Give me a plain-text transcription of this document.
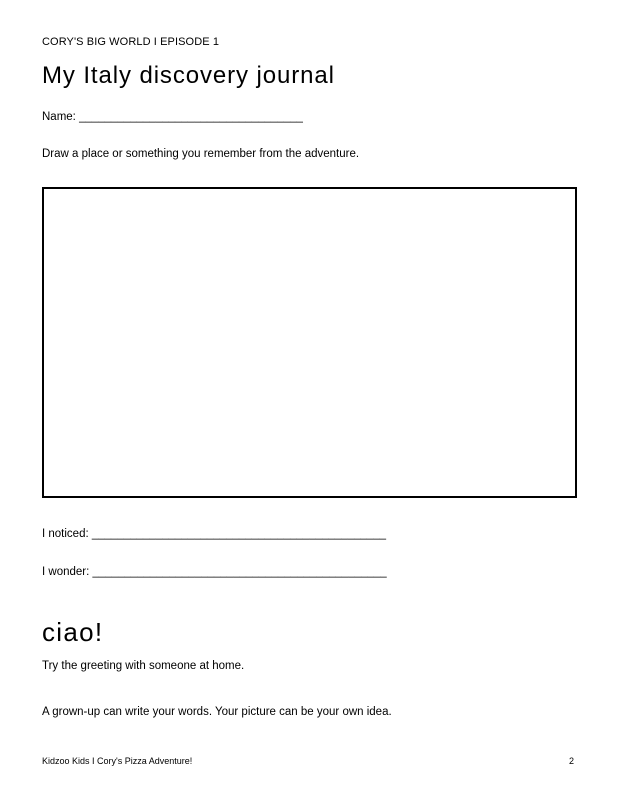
CORY'S BIG WORLD I EPISODE 1
My Italy discovery journal
Name: ___________________________________
Draw a place or something you remember from the adventure.
I noticed: ______________________________________________
I wonder: ______________________________________________
ciao!
Try the greeting with someone at home.
A grown-up can write your words. Your picture can be your own idea.
Kidzoo Kids I Cory's Pizza Adventure!	2
